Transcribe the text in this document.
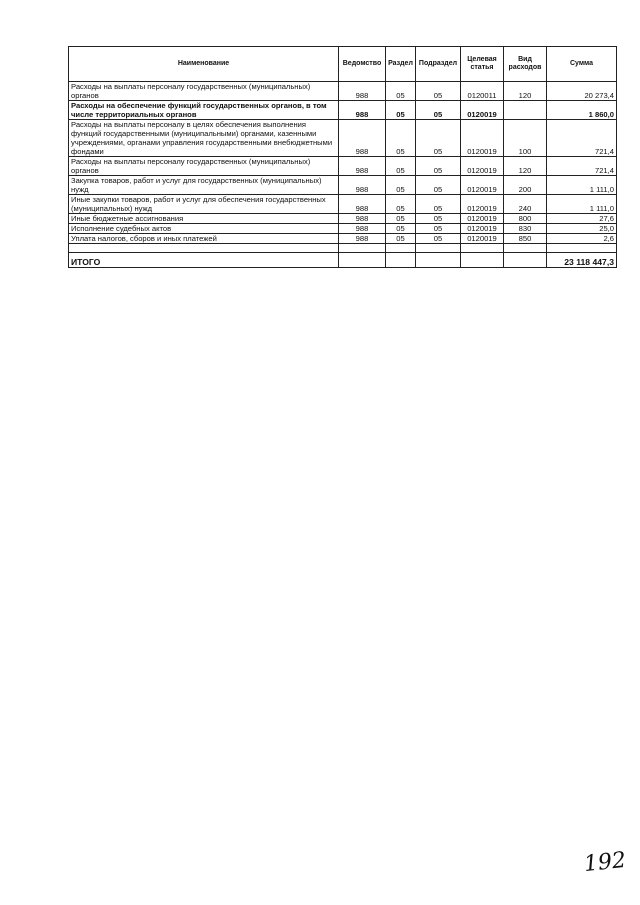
Наименование	Ведомство	Раздел	Подраздел	Целевая статья	Вид расходов	Сумма
Расходы на выплаты персоналу государственных (муниципальных) органов	988	05	05	0120011	120	20 273,4
Расходы на обеспечение функций государственных органов, в том числе территориальных органов	988	05	05	0120019		1 860,0
Расходы на выплаты персоналу в целях обеспечения выполнения функций государственными (муниципальными) органами, казенными учреждениями, органами управления государственными внебюджетными фондами	988	05	05	0120019	100	721,4
Расходы на выплаты персоналу государственных (муниципальных) органов	988	05	05	0120019	120	721,4
Закупка товаров, работ и услуг для государственных (муниципальных) нужд	988	05	05	0120019	200	1 111,0
Иные закупки товаров, работ и услуг для обеспечения государственных (муниципальных) нужд	988	05	05	0120019	240	1 111,0
Иные бюджетные ассигнования	988	05	05	0120019	800	27,6
Исполнение судебных актов	988	05	05	0120019	830	25,0
Уплата налогов, сборов и иных платежей	988	05	05	0120019	850	2,6

ИТОГО						23 118 447,3
192
